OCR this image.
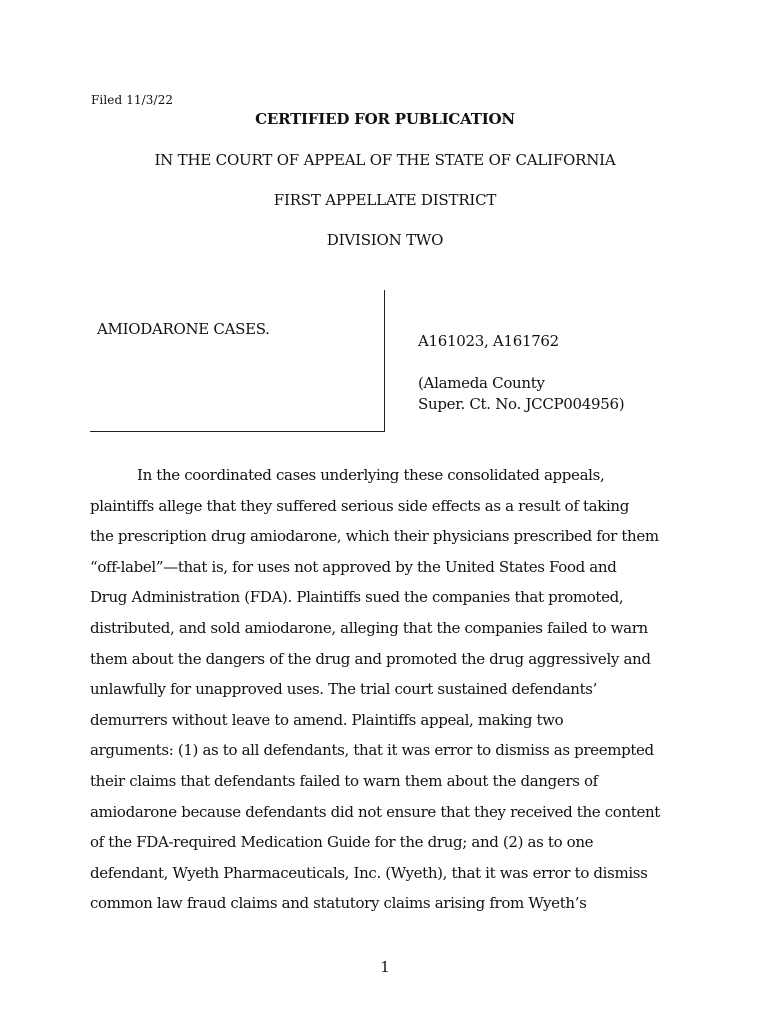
Filed 11/3/22
CERTIFIED FOR PUBLICATION
IN THE COURT OF APPEAL OF THE STATE OF CALIFORNIA
FIRST APPELLATE DISTRICT
DIVISION TWO
AMIODARONE CASES.
A161023, A161762
(Alameda County
Super. Ct. No. JCCP004956)
In the coordinated cases underlying these consolidated appeals,
plaintiffs allege that they suffered serious side effects as a result of taking
the prescription drug amiodarone, which their physicians prescribed for them
“off-label”—that is, for uses not approved by the United States Food and
Drug Administration (FDA). Plaintiffs sued the companies that promoted,
distributed, and sold amiodarone, alleging that the companies failed to warn
them about the dangers of the drug and promoted the drug aggressively and
unlawfully for unapproved uses. The trial court sustained defendants’
demurrers without leave to amend. Plaintiffs appeal, making two
arguments: (1) as to all defendants, that it was error to dismiss as preempted
their claims that defendants failed to warn them about the dangers of
amiodarone because defendants did not ensure that they received the content
of the FDA-required Medication Guide for the drug; and (2) as to one
defendant, Wyeth Pharmaceuticals, Inc. (Wyeth), that it was error to dismiss
common law fraud claims and statutory claims arising from Wyeth’s
1
